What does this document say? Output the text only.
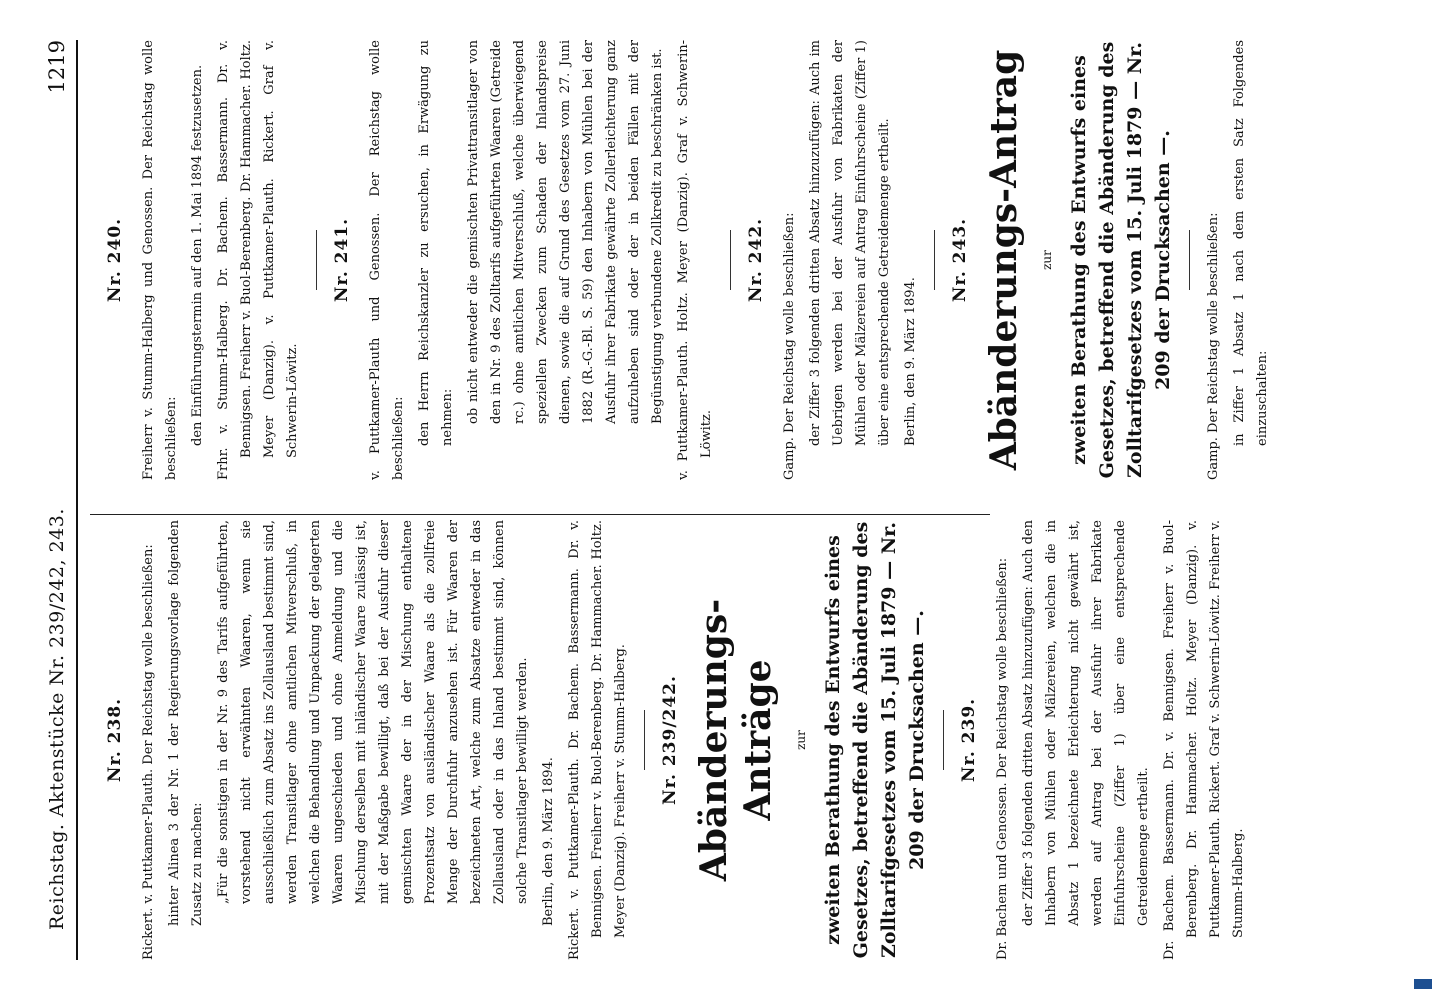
Reichstag. Aktenstücke Nr. 239/242, 243.
1219
Nr. 238.	Rickert. v. Puttkamer-Plauth. Der Reichstag wolle beschließen: hinter Alinea 3 der Nr. 1 der Regierungsvorlage folgenden Zusatz zu machen: „Für die sonstigen in der Nr. 9 des Tarifs aufgeführten, vorstehend nicht erwähnten Waaren, wenn sie ausschließlich zum Absatz ins Zollausland bestimmt sind, werden Transitlager ohne amtlichen Mitverschluß, in welchen die Behandlung und Umpackung der gelagerten Waaren ungeschieden und ohne Anmeldung und die Mischung derselben mit inländischer Waare zulässig ist, mit der Maßgabe bewilligt, daß bei der Ausfuhr dieser gemischten Waare der in der Mischung enthaltene Prozentsatz von ausländischer Waare als die zollfreie Menge der Durchfuhr anzusehen ist. Für Waaren der bezeichneten Art, welche zum Absatze entweder in das Zollausland oder in das Inland bestimmt sind, können solche Transitlager bewilligt werden. Berlin, den 9. März 1894. Rickert. v. Puttkamer-Plauth. Dr. Bachem. Bassermann. Dr. v. Bennigsen. Freiherr v. Buol-Berenberg. Dr. Hammacher. Holtz. Meyer (Danzig). Freiherr v. Stumm-Halberg. Nr. 239/242. Abänderungs-Anträge	zur zweiten Berathung des Entwurfs eines Gesetzes, betreffend die Abänderung des Zolltarifgesetzes vom 15. Juli 1879 — Nr. 209 der Drucksachen —. Nr. 239.	Dr. Bachem und Genossen. Der Reichstag wolle beschließen: der Ziffer 3 folgenden dritten Absatz hinzuzufügen: Auch den Inhabern von Mühlen oder Mälzereien, welchen die in Absatz 1 bezeichnete Erleichterung nicht gewährt ist, werden auf Antrag bei der Ausfuhr ihrer Fabrikate Einfuhrscheine (Ziffer 1) über eine entsprechende Getreidemenge ertheilt. Dr. Bachem. Bassermann. Dr. v. Bennigsen. Freiherr v. Buol-Berenberg. Dr. Hammacher. Holtz. Meyer (Danzig). v. Puttkamer-Plauth. Rickert. Graf v. Schwerin-Löwitz. Freiherr v. Stumm-Halberg.

Nr. 240.	Freiherr v. Stumm-Halberg und Genossen. Der Reichstag wolle beschließen: den Einführungstermin auf den 1. Mai 1894 festzusetzen. Frhr. v. Stumm-Halberg. Dr. Bachem. Bassermann. Dr. v. Bennigsen. Freiherr v. Buol-Berenberg. Dr. Hammacher. Holtz. Meyer (Danzig). v. Puttkamer-Plauth. Rickert. Graf v. Schwerin-Löwitz.

Nr. 241.	v. Puttkamer-Plauth und Genossen. Der Reichstag wolle beschließen: den Herrn Reichskanzler zu ersuchen, in Erwägung zu nehmen: ob nicht entweder die gemischten Privattransitlager von den in Nr. 9 des Zolltarifs aufgeführten Waaren (Getreide rc.) ohne amtlichen Mitverschluß, welche überwiegend speziellen Zwecken zum Schaden der Inlandspreise dienen, sowie die auf Grund des Gesetzes vom 27. Juni 1882 (R.-G.-Bl. S. 59) den Inhabern von Mühlen bei der Ausfuhr ihrer Fabrikate gewährte Zollerleichterung ganz aufzuheben sind oder der in beiden Fällen mit der Begünstigung verbundene Zollkredit zu beschränken ist. v. Puttkamer-Plauth. Holtz. Meyer (Danzig). Graf v. Schwerin-Löwitz.

Nr. 242.	Gamp. Der Reichstag wolle beschließen: der Ziffer 3 folgenden dritten Absatz hinzuzufügen: Auch im Uebrigen werden bei der Ausfuhr von Fabrikaten der Mühlen oder Mälzereien auf Antrag Einfuhrscheine (Ziffer 1) über eine entsprechende Getreidemenge ertheilt. Berlin, den 9. März 1894.

Nr. 243. Abänderungs-Antrag	zur zweiten Berathung des Entwurfs eines Gesetzes, betreffend die Abänderung des Zolltarifgesetzes vom 15. Juli 1879 — Nr. 209 der Drucksachen —.	Gamp. Der Reichstag wolle beschließen: in Ziffer 1 Absatz 1 nach dem ersten Satz Folgendes einzuschalten:
